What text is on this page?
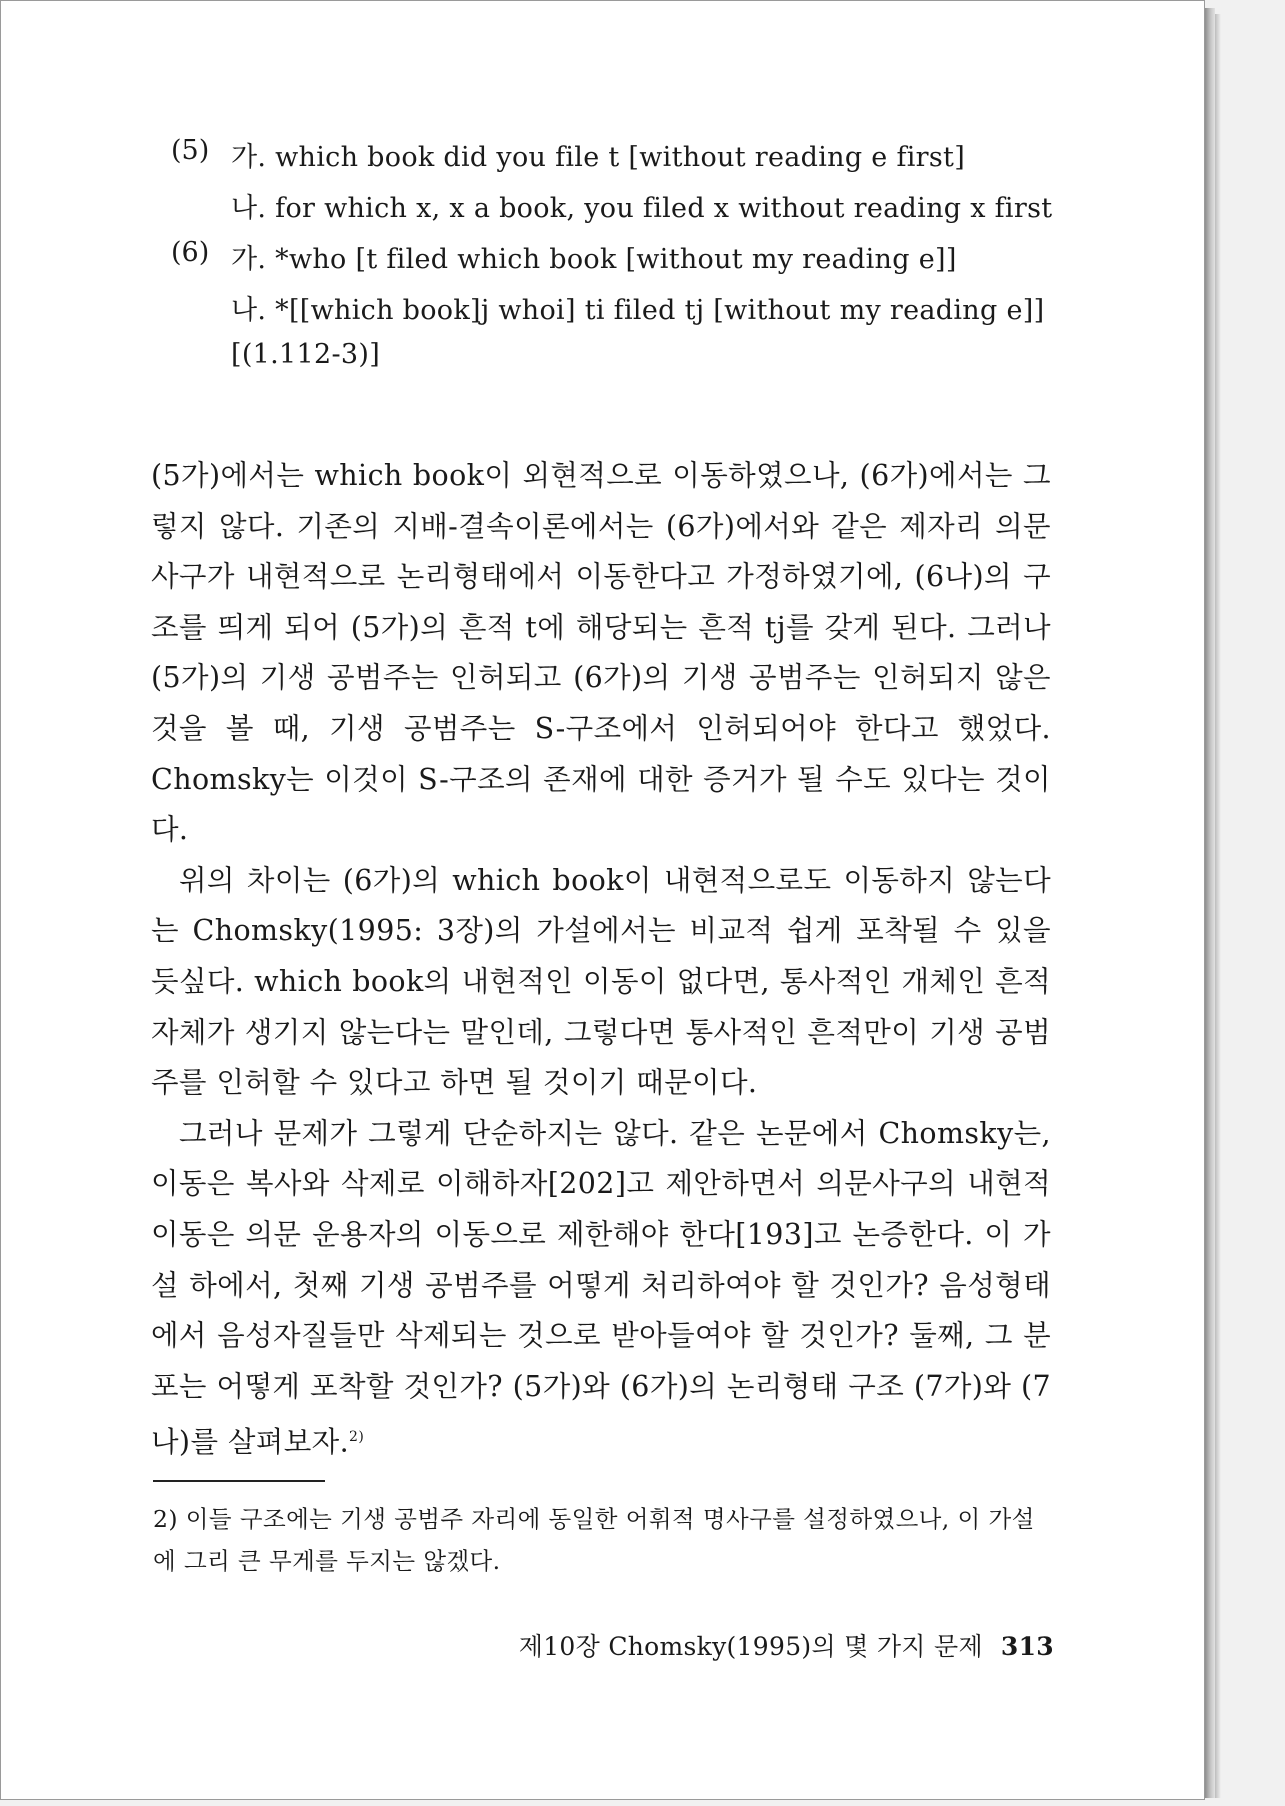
(5) 가. which book did you file t [without reading e first]
나. for which x, x a book, you filed x without reading x first
(6) 가. *who [t filed which book [without my reading e]]
나. *[[which book]j whoi] ti filed tj [without my reading e]]
[(1.112-3)]

(5가)에서는 which book이 외현적으로 이동하였으나, (6가)에서는 그렇지 않다. 기존의 지배-결속이론에서는 (6가)에서와 같은 제자리 의문사구가 내현적으로 논리형태에서 이동한다고 가정하였기에, (6나)의 구조를 띄게 되어 (5가)의 흔적 t에 해당되는 흔적 tj를 갖게 된다. 그러나 (5가)의 기생 공범주는 인허되고 (6가)의 기생 공범주는 인허되지 않은 것을 볼 때, 기생 공범주는 S-구조에서 인허되어야 한다고 했었다. Chomsky는 이것이 S-구조의 존재에 대한 증거가 될 수도 있다는 것이다.

위의 차이는 (6가)의 which book이 내현적으로도 이동하지 않는다는 Chomsky(1995: 3장)의 가설에서는 비교적 쉽게 포착될 수 있을 듯싶다. which book의 내현적인 이동이 없다면, 통사적인 개체인 흔적 자체가 생기지 않는다는 말인데, 그렇다면 통사적인 흔적만이 기생 공범주를 인허할 수 있다고 하면 될 것이기 때문이다.

그러나 문제가 그렇게 단순하지는 않다. 같은 논문에서 Chomsky는, 이동은 복사와 삭제로 이해하자[202]고 제안하면서 의문사구의 내현적 이동은 의문 운용자의 이동으로 제한해야 한다[193]고 논증한다. 이 가설 하에서, 첫째 기생 공범주를 어떻게 처리하여야 할 것인가? 음성형태에서 음성자질들만 삭제되는 것으로 받아들여야 할 것인가? 둘째, 그 분포는 어떻게 포착할 것인가? (5가)와 (6가)의 논리형태 구조 (7가)와 (7나)를 살펴보자.$^{2)}$

2) 이들 구조에는 기생 공범주 자리에 동일한 어휘적 명사구를 설정하였으나, 이 가설에 그리 큰 무게를 두지는 않겠다.
제10장 Chomsky(1995)의 몇 가지 문제 313
